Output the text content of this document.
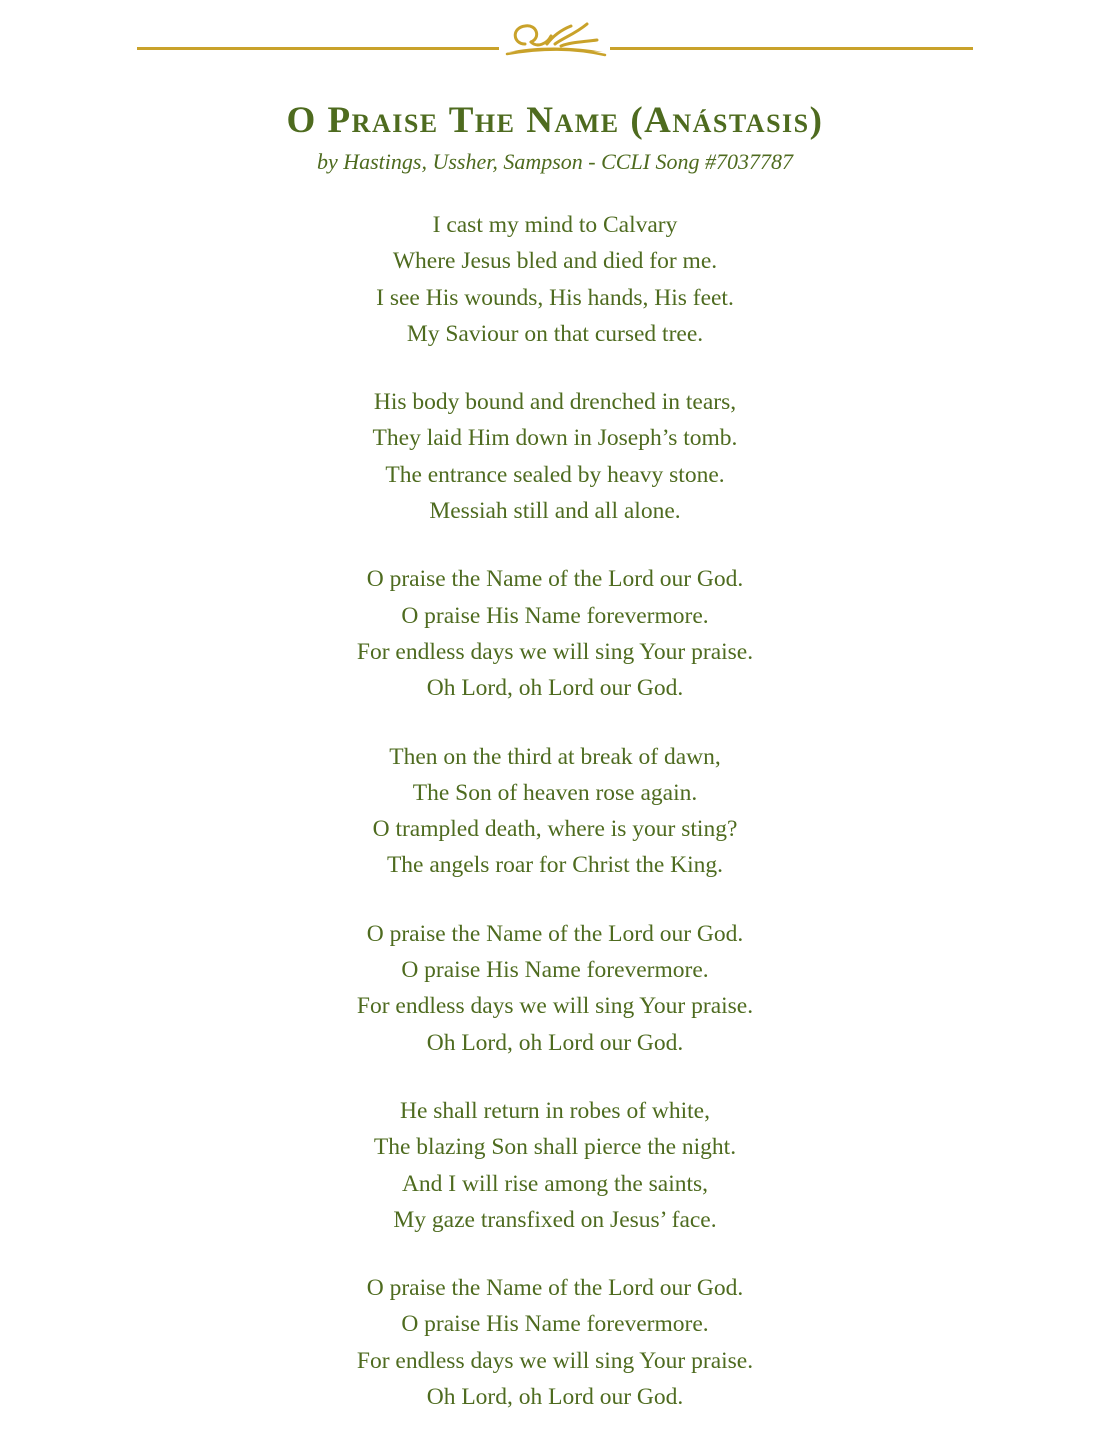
O Praise The Name (Anástasis)

by Hastings, Ussher, Sampson - CCLI Song #7037787

I cast my mind to Calvary
Where Jesus bled and died for me.
I see His wounds, His hands, His feet.
My Saviour on that cursed tree.
His body bound and drenched in tears,
They laid Him down in Joseph’s tomb.
The entrance sealed by heavy stone.
Messiah still and all alone.
O praise the Name of the Lord our God.
O praise His Name forevermore.
For endless days we will sing Your praise.
Oh Lord, oh Lord our God.
Then on the third at break of dawn,
The Son of heaven rose again.
O trampled death, where is your sting?
The angels roar for Christ the King.
O praise the Name of the Lord our God.
O praise His Name forevermore.
For endless days we will sing Your praise.
Oh Lord, oh Lord our God.
He shall return in robes of white,
The blazing Son shall pierce the night.
And I will rise among the saints,
My gaze transfixed on Jesus’ face.
O praise the Name of the Lord our God.
O praise His Name forevermore.
For endless days we will sing Your praise.
Oh Lord, oh Lord our God.
